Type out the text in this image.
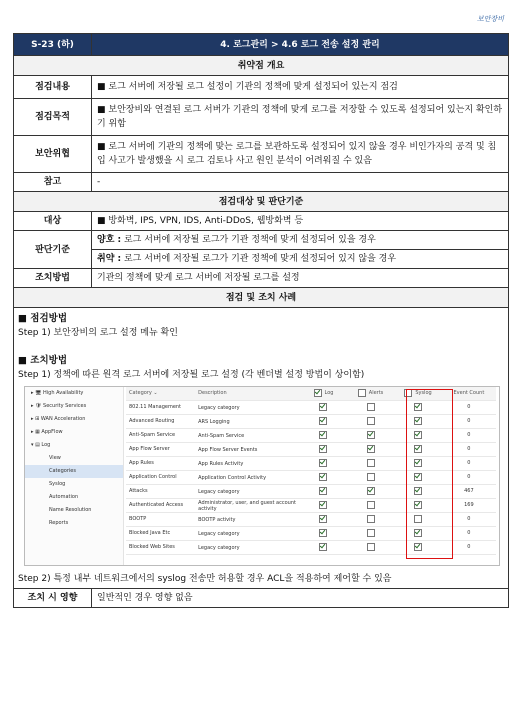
보안장비
S-23 (하)	4. 로그관리 > 4.6 로그 전송 설정 관리
취약점 개요
점검내용	■로그 서버에 저장될 로그 설정이 기관의 정책에 맞게 설정되어 있는지 점검
점검목적	■ 보안장비와 연결된 로그 서버가 기관의 정책에 맞게 로그를 저장할 수 있도록 설정되어 있는지 확인하기 위함
보안위협	■ 로그 서버에 기관의 정책에 맞는 로그를 보관하도록 설정되어 있지 않을 경우 비인가자의 공격 및 침입 사고가 발생했을 시 로그 검토나 사고 원인 분석이 어려워질 수 있음
참고	-
점검대상 및 판단기준
대상	■방화벽, IPS, VPN, IDS, Anti-DDoS, 웹방화벽 등
판단기준	양호 : 로그 서버에 저장될 로그가 기관 정책에 맞게 설정되어 있을 경우
취약 : 로그 서버에 저장될 로그가 기관 정책에 맞게 설정되어 있지 않을 경우
조치방법	기관의 정책에 맞게 로그 서버에 저장될 로그를 설정
점검 및 조치 사례

■ 점검방법
Step 1) 보안장비의 로그 설정 메뉴 확인
■ 조치방법
Step 1) 정책에 따른 원격 로그 서버에 저장될 로그 설정 (각 벤더별 설정 방법이 상이함)
▸ 🖥 High Availability
▸ 🛡 Security Services
▸ ⊞ WAN Acceleration
▸ ▦ AppFlow
▾ ▤ Log
View
Categories
Syslog
Automation
Name Resolution
Reports
Category ⌄	Description	Log	Alerts	Syslog	Event Count
802.11 Management	Legacy category				0
Advanced Routing	ARS Logging				0
Anti-Spam Service	Anti-Spam Service				0
App Flow Server	App Flow Server Events				0
App Rules	App Rules Activity				0
Application Control	Application Control Activity				0
Attacks	Legacy category				467
Authenticated Access	Administrator, user, and guest account activity				169
BOOTP	BOOTP activity				0
Blocked Java Etc	Legacy category				0
Blocked Web Sites	Legacy category				0
Step 2) 특정 내부 네트워크에서의 syslog 전송만 허용할 경우 ACL을 적용하여 제어할 수 있음

조치 시 영향	일반적인 경우 영향 없음
